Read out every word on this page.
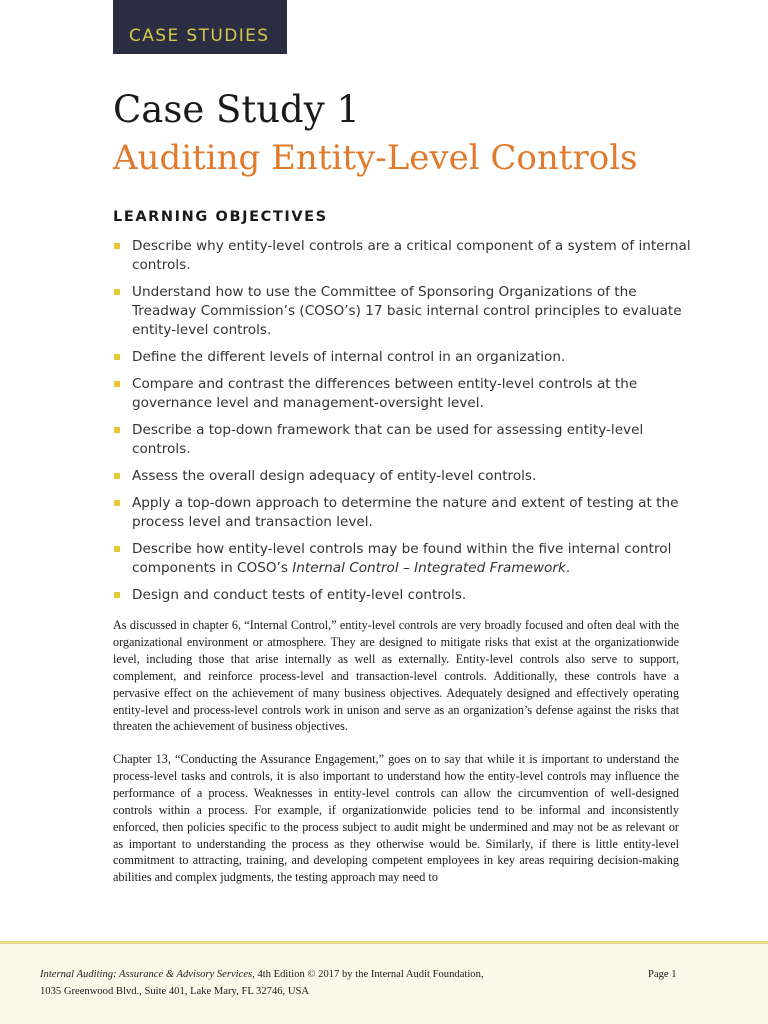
CASE STUDIES
Case Study 1
Auditing Entity-Level Controls
LEARNING OBJECTIVES
Describe why entity-level controls are a critical component of a system of internal controls.
Understand how to use the Committee of Sponsoring Organizations of the Treadway Commission’s (COSO’s) 17 basic internal control principles to evaluate entity-level controls.
Define the different levels of internal control in an organization.
Compare and contrast the differences between entity-level controls at the governance level and management-oversight level.
Describe a top-down framework that can be used for assessing entity-level controls.
Assess the overall design adequacy of entity-level controls.
Apply a top-down approach to determine the nature and extent of testing at the process level and transaction level.
Describe how entity-level controls may be found within the five internal control components in COSO’s Internal Control – Integrated Framework.
Design and conduct tests of entity-level controls.

As discussed in chapter 6, “Internal Control,” entity-level controls are very broadly focused and often deal with the organizational environment or atmosphere. They are designed to mitigate risks that exist at the organizationwide level, including those that arise internally as well as externally. Entity-level controls also serve to support, complement, and reinforce process-level and transaction-level controls. Additionally, these controls have a pervasive effect on the achievement of many business objectives. Adequately designed and effectively operating entity-level and process-level controls work in unison and serve as an organization’s defense against the risks that threaten the achievement of business objectives.

Chapter 13, “Conducting the Assurance Engagement,” goes on to say that while it is important to understand the process-level tasks and controls, it is also important to understand how the entity-level controls may influence the performance of a process. Weaknesses in entity-level controls can allow the circumvention of well-designed controls within a process. For example, if organizationwide policies tend to be informal and inconsistently enforced, then policies specific to the process subject to audit might be undermined and may not be as relevant or as important to understanding the process as they otherwise would be. Similarly, if there is little entity-level commitment to attracting, training, and developing competent employees in key areas requiring decision-making abilities and complex judgments, the testing approach may need to

Internal Auditing: Assurance & Advisory Services, 4th Edition © 2017 by the Internal Audit Foundation,
1035 Greenwood Blvd., Suite 401, Lake Mary, FL 32746, USA

Page 1
